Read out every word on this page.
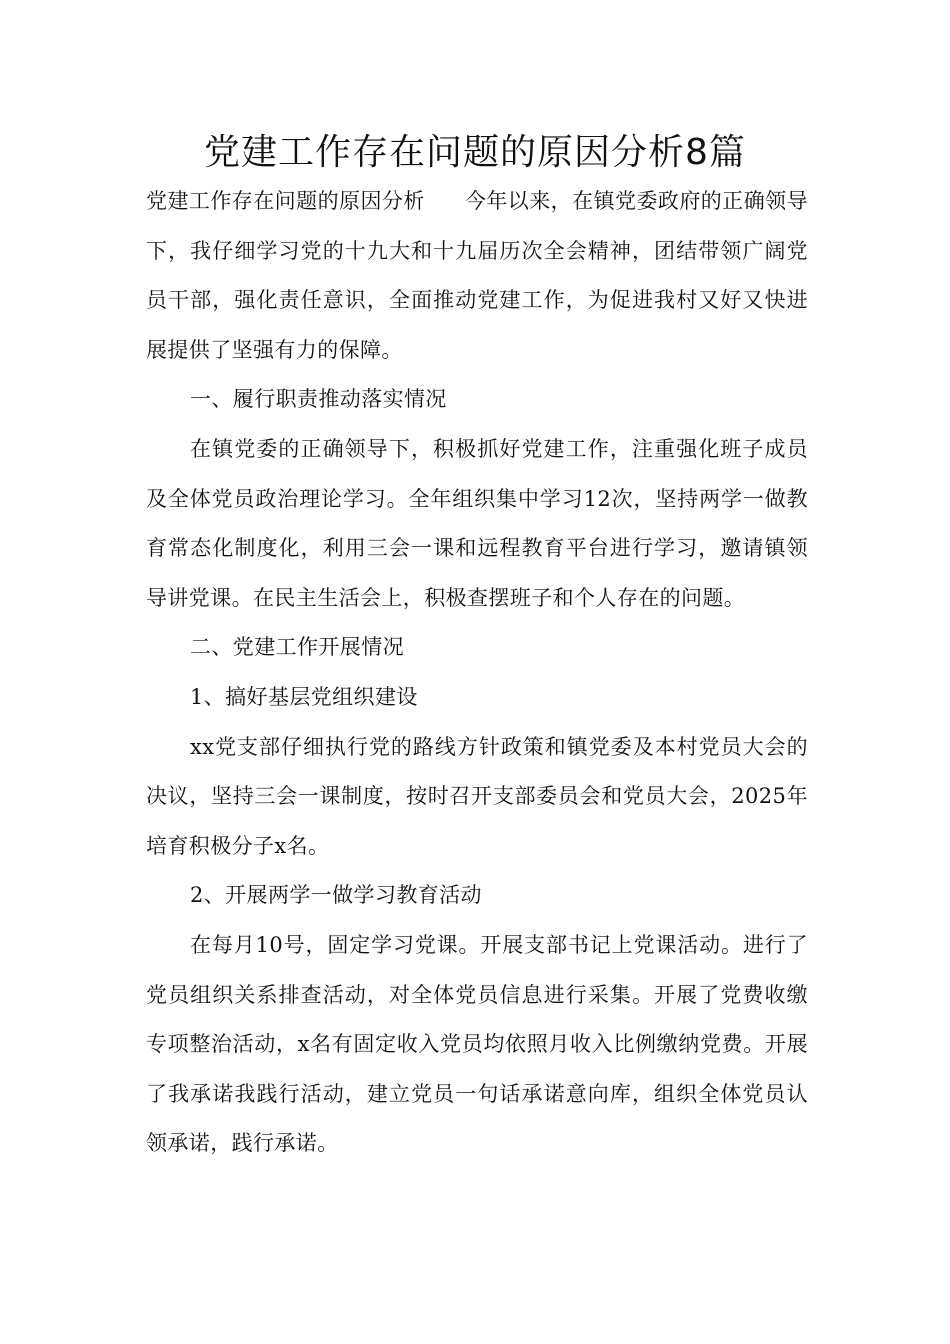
党建工作存在问题的原因分析8篇

党建工作存在问题的原因分析 今年以来，在镇党委政府的正确领导下，我仔细学习党的十九大和十九届历次全会精神，团结带领广阔党员干部，强化责任意识，全面推动党建工作，为促进我村又好又快进展提供了坚强有力的保障。

一、履行职责推动落实情况

在镇党委的正确领导下，积极抓好党建工作，注重强化班子成员及全体党员政治理论学习。全年组织集中学习12次，坚持两学一做教育常态化制度化，利用三会一课和远程教育平台进行学习，邀请镇领导讲党课。在民主生活会上，积极查摆班子和个人存在的问题。

二、党建工作开展情况

1、搞好基层党组织建设

xx党支部仔细执行党的路线方针政策和镇党委及本村党员大会的决议，坚持三会一课制度，按时召开支部委员会和党员大会，2025年培育积极分子x名。

2、开展两学一做学习教育活动

在每月10号，固定学习党课。开展支部书记上党课活动。进行了党员组织关系排查活动，对全体党员信息进行采集。开展了党费收缴专项整治活动，x名有固定收入党员均依照月收入比例缴纳党费。开展了我承诺我践行活动，建立党员一句话承诺意向库，组织全体党员认领承诺，践行承诺。
